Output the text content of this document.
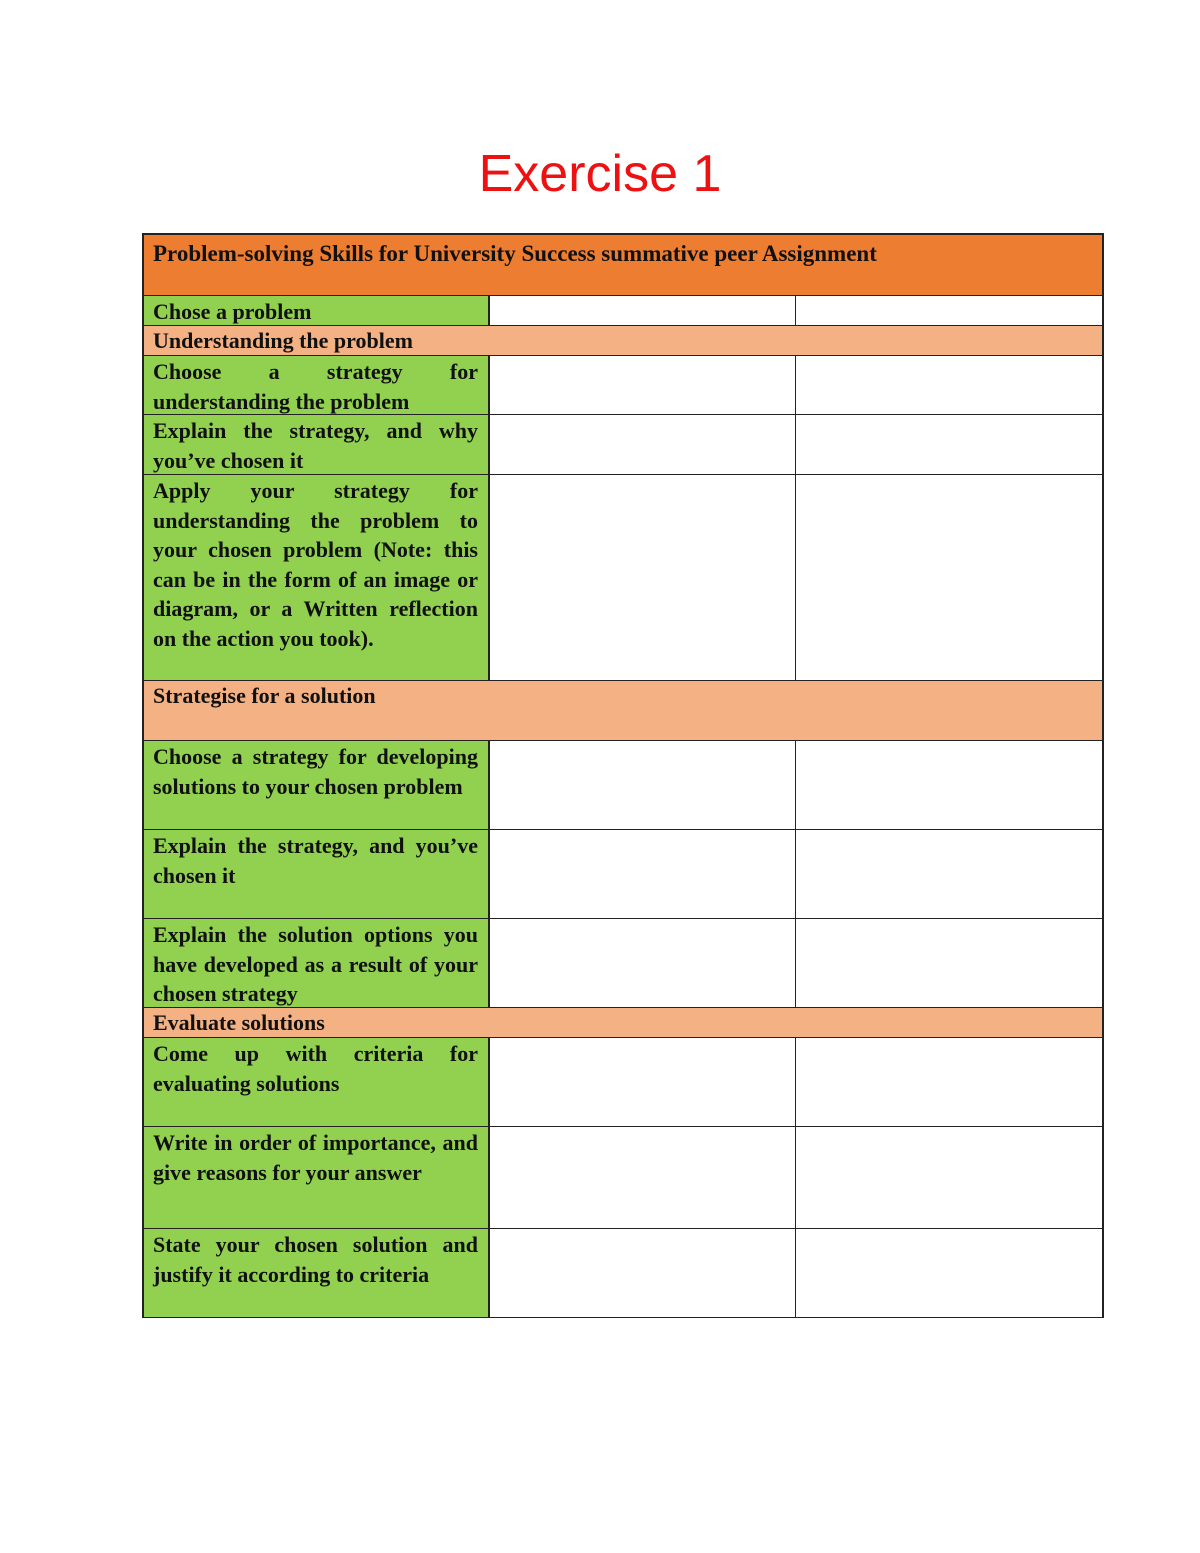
Exercise 1
Problem-solving Skills for University Success summative peer Assignment
Chose a problem
Understanding the problem
Choose a strategy for understanding the problem
Explain the strategy, and why you’ve chosen it
Apply your strategy for understanding the problem to your chosen problem (Note: this can be in the form of an image or diagram, or a Written reflection on the action you took).
Strategise for a solution
Choose a strategy for developing solutions to your chosen problem
Explain the strategy, and you’ve chosen it
Explain the solution options you have developed as a result of your chosen strategy
Evaluate solutions
Come up with criteria for evaluating solutions
Write in order of importance, and give reasons for your answer
State your chosen solution and justify it according to criteria
